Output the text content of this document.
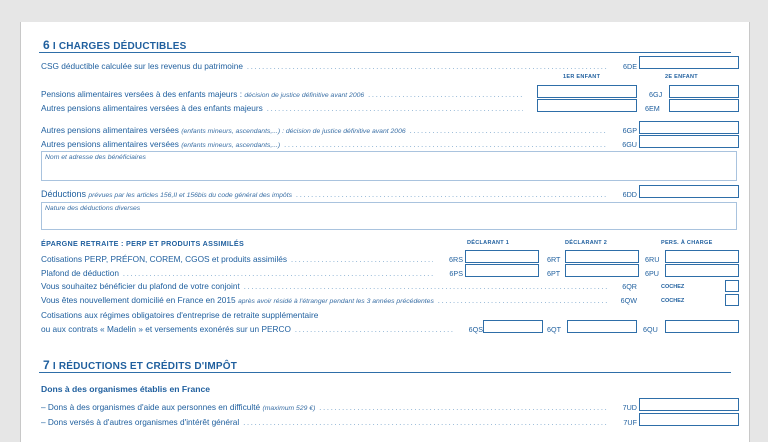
6 I CHARGES DÉDUCTIBLES
CSG déductible calculée sur les revenus du patrimoine .....	6DE
1ER ENFANT	2E ENFANT
Pensions alimentaires versées à des enfants majeurs : décision de justice définitive avant 2006 .....	6GJ
Autres pensions alimentaires versées à des enfants majeurs .....	6EM
Autres pensions alimentaires versées (enfants mineurs, ascendants,...) : décision de justice définitive avant 2006 .....	6GP
Autres pensions alimentaires versées (enfants mineurs, ascendants,...) .....	6GU
Nom et adresse des bénéficiaires
Déductions prévues par les articles 156,II et 156bis du code général des impôts .....	6DD
Nature des déductions diverses
ÉPARGNE RETRAITE : PERP ET PRODUITS ASSIMILÉS	DÉCLARANT 1	DÉCLARANT 2	PERS. À CHARGE
Cotisations PERP, PRÉFON, COREM, CGOS et produits assimilés .....	6RS	6RT	6RU
Plafond de déduction .....	6PS	6PT	6PU
Vous souhaitez bénéficier du plafond de votre conjoint .....	6QR	COCHEZ
Vous êtes nouvellement domicilié en France en 2015 après avoir résidé à l'étranger pendant les 3 années précédentes .....	6QW	COCHEZ
Cotisations aux régimes obligatoires d'entreprise de retraite supplémentaire
ou aux contrats « Madelin » et versements exonérés sur un PERCO .....	6QS	6QT	6QU
7 I RÉDUCTIONS ET CRÉDITS D'IMPÔT
Dons à des organismes établis en France
– Dons à des organismes d'aide aux personnes en difficulté (maximum 529 €) .....	7UD
– Dons versés à d'autres organismes d'intérêt général .....	7UF
